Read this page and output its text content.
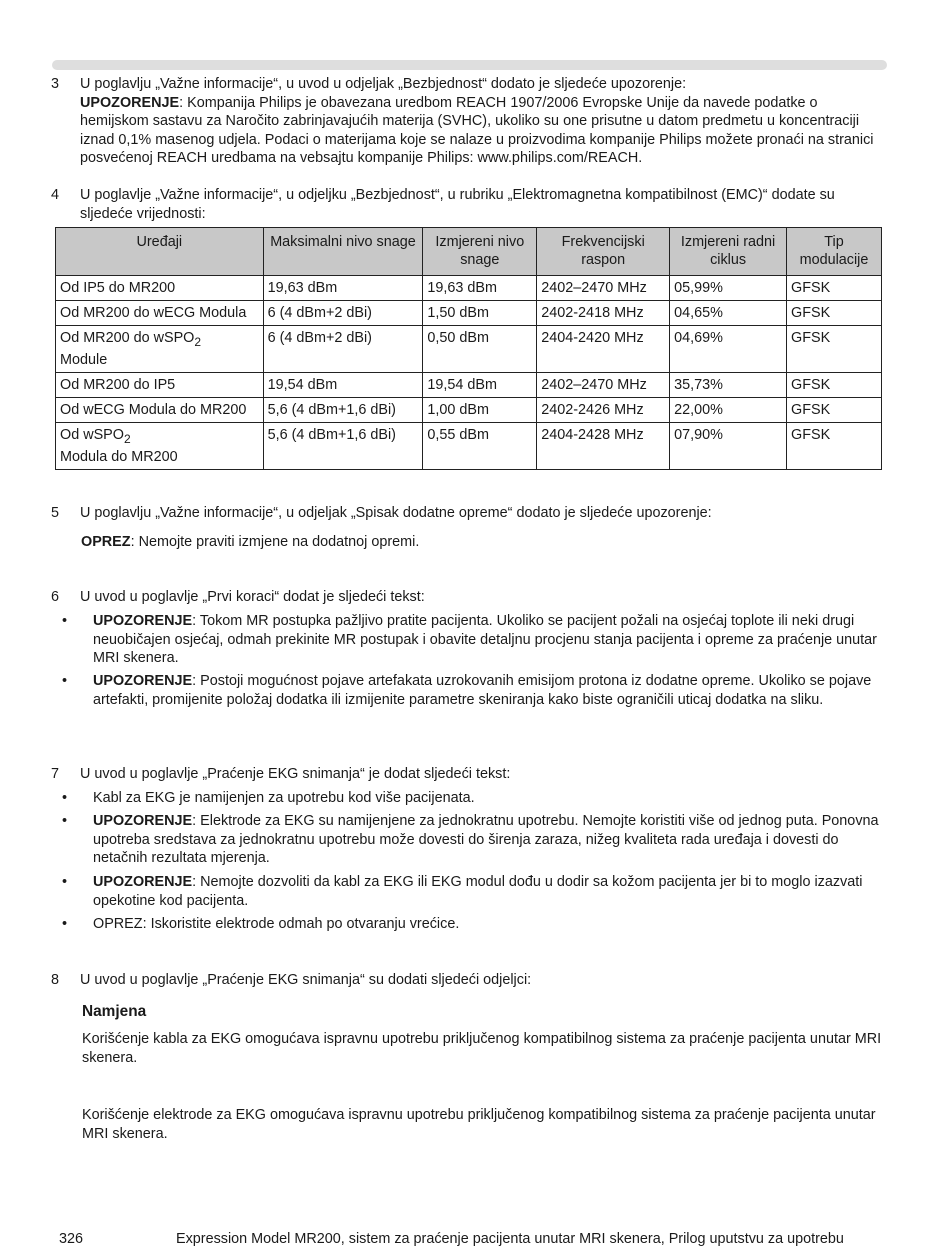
3 U poglavlju „Važne informacije“, u uvod u odjeljak „Bezbjednost“ dodato je sljedeće upozorenje:
UPOZORENJE: Kompanija Philips je obavezana uredbom REACH 1907/2006 Evropske Unije da navede podatke o hemijskom sastavu za Naročito zabrinjavajućih materija (SVHC), ukoliko su one prisutne u datom predmetu u koncentraciji iznad 0,1% masenog udjela. Podaci o materijama koje se nalaze u proizvodima kompanije Philips možete pronaći na stranici posvećenoj REACH uredbama na vebsajtu kompanije Philips: www.philips.com/REACH.
4 U poglavlje „Važne informacije“, u odjeljku „Bezbjednost“, u rubriku „Elektromagnetna kompatibilnost (EMC)“ dodate su sljedeće vrijednosti:
Uređaji	Maksimalni nivo snage	Izmjereni nivo snage	Frekvencijski raspon	Izmjereni radni ciklus	Tip modulacije
Od IP5 do MR200	19,63 dBm	19,63 dBm	2402–2470 MHz	05,99%	GFSK
Od MR200 do wECG Modula	6 (4 dBm+2 dBi)	1,50 dBm	2402-2418 MHz	04,65%	GFSK
Od MR200 do wSPO$_2$
Module	6 (4 dBm+2 dBi)	0,50 dBm	2404-2420 MHz	04,69%	GFSK
Od MR200 do IP5	19,54 dBm	19,54 dBm	2402–2470 MHz	35,73%	GFSK
Od wECG Modula do MR200	5,6 (4 dBm+1,6 dBi)	1,00 dBm	2402-2426 MHz	22,00%	GFSK
Od wSPO$_2$
Modula do MR200	5,6 (4 dBm+1,6 dBi)	0,55 dBm	2404-2428 MHz	07,90%	GFSK
5 U poglavlju „Važne informacije“, u odjeljak „Spisak dodatne opreme“ dodato je sljedeće upozorenje:
OPREZ: Nemojte praviti izmjene na dodatnoj opremi.
6 U uvod u poglavlje „Prvi koraci“ dodat je sljedeći tekst:
• UPOZORENJE: Tokom MR postupka pažljivo pratite pacijenta. Ukoliko se pacijent požali na osjećaj toplote ili neki drugi neuobičajen osjećaj, odmah prekinite MR postupak i obavite detaljnu procjenu stanja pacijenta i opreme za praćenje unutar MRI skenera.
• UPOZORENJE: Postoji mogućnost pojave artefakata uzrokovanih emisijom protona iz dodatne opreme. Ukoliko se pojave artefakti, promijenite položaj dodatka ili izmijenite parametre skeniranja kako biste ograničili uticaj dodatka na sliku.
7 U uvod u poglavlje „Praćenje EKG snimanja“ je dodat sljedeći tekst:
• Kabl za EKG je namijenjen za upotrebu kod više pacijenata.
• UPOZORENJE: Elektrode za EKG su namijenjene za jednokratnu upotrebu. Nemojte koristiti više od jednog puta. Ponovna upotreba sredstava za jednokratnu upotrebu može dovesti do širenja zaraza, nižeg kvaliteta rada uređaja i dovesti do netačnih rezultata mjerenja.
• UPOZORENJE: Nemojte dozvoliti da kabl za EKG ili EKG modul dođu u dodir sa kožom pacijenta jer bi to moglo izazvati opekotine kod pacijenta.
• OPREZ: Iskoristite elektrode odmah po otvaranju vrećice.
8 U uvod u poglavlje „Praćenje EKG snimanja“ su dodati sljedeći odjeljci:
Namjena
Korišćenje kabla za EKG omogućava ispravnu upotrebu priključenog kompatibilnog sistema za praćenje pacijenta unutar MRI skenera.
Korišćenje elektrode za EKG omogućava ispravnu upotrebu priključenog kompatibilnog sistema za praćenje pacijenta unutar MRI skenera.
326	Expression Model MR200, sistem za praćenje pacijenta unutar MRI skenera, Prilog uputstvu za upotrebu
